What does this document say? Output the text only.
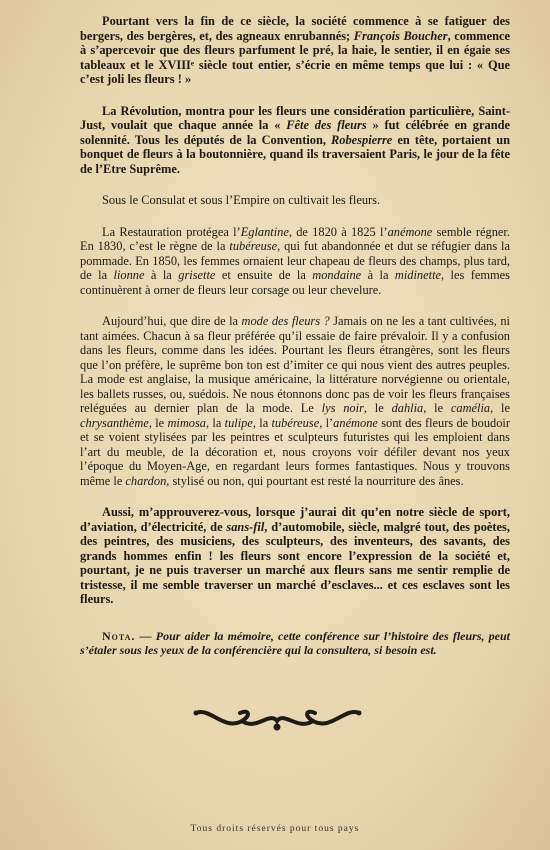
Pourtant vers la fin de ce siècle, la société commence à se fatiguer des bergers, des bergères, et, des agneaux enrubannés; François Boucher, commence à s’apercevoir que des fleurs parfument le pré, la haie, le sentier, il en égaie ses tableaux et le XVIIIᵉ siècle tout entier, s’écrie en même temps que lui : « Que c’est joli les fleurs ! »

La Révolution, montra pour les fleurs une considération particulière, Saint-Just, voulait que chaque année la « Fête des fleurs » fut célébrée en grande solennité. Tous les députés de la Convention, Robespierre en tête, portaient un bonquet de fleurs à la boutonnière, quand ils traversaient Paris, le jour de la fête de l’Etre Suprême.

Sous le Consulat et sous l’Empire on cultivait les fleurs.

La Restauration protégea l’Eglantine, de 1820 à 1825 l’anémone semble régner. En 1830, c’est le règne de la tubéreuse, qui fut abandonnée et dut se réfugier dans la pommade. En 1850, les femmes ornaient leur chapeau de fleurs des champs, plus tard, de la lionne à la grisette et ensuite de la mondaine à la midinette, les femmes continuèrent à orner de fleurs leur corsage ou leur chevelure.

Aujourd’hui, que dire de la mode des fleurs ? Jamais on ne les a tant cultivées, ni tant aimées. Chacun à sa fleur préférée qu’il essaie de faire prévaloir. Il y a confusion dans les fleurs, comme dans les idées. Pourtant les fleurs étrangères, sont les fleurs que l’on préfère, le suprême bon ton est d’imiter ce qui nous vient des autres peuples. La mode est anglaise, la musique américaine, la littérature norvégienne ou orientale, les ballets russes, ou, suédois. Ne nous étonnons donc pas de voir les fleurs françaises reléguées au dernier plan de la mode. Le lys noir, le dahlia, le camélia, le chrysanthème, le mimosa, la tulipe, la tubéreuse, l’anémone sont des fleurs de boudoir et se voient stylisées par les peintres et sculpteurs futuristes qui les emploient dans l’art du meuble, de la décoration et, nous croyons voir défiler devant nos yeux l’époque du Moyen-Age, en regardant leurs formes fantastiques. Nous y trouvons même le chardon, stylisé ou non, qui pourtant est resté la nourriture des ânes.

Aussi, m’approuverez-vous, lorsque j’aurai dit qu’en notre siècle de sport, d’aviation, d’électricité, de sans-fil, d’automobile, siècle, malgré tout, des poètes, des peintres, des musiciens, des sculpteurs, des inventeurs, des savants, des grands hommes enfin ! les fleurs sont encore l’expression de la société et, pourtant, je ne puis traverser un marché aux fleurs sans me sentir remplie de tristesse, il me semble traverser un marché d’esclaves... et ces esclaves sont les fleurs.

Nota. — Pour aider la mémoire, cette conférence sur l’histoire des fleurs, peut s’étaler sous les yeux de la conférencière qui la consultera, si besoin est.

Tous droits réservés pour tous pays
